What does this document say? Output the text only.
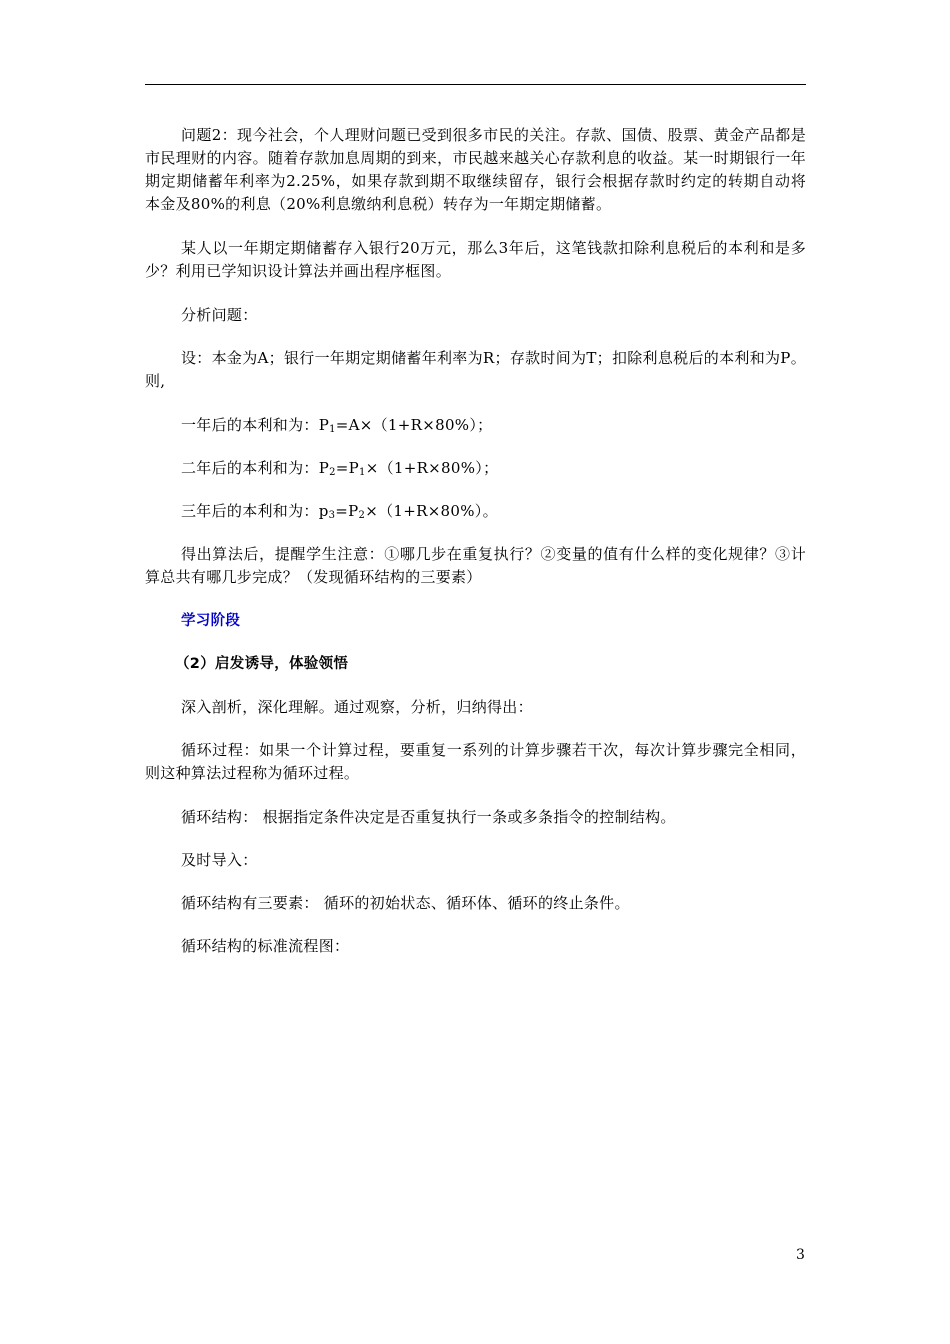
问题2：现今社会，个人理财问题已受到很多市民的关注。存款、国债、股票、黄金产品都是市民理财的内容。随着存款加息周期的到来，市民越来越关心存款利息的收益。某一时期银行一年期定期储蓄年利率为2.25%，如果存款到期不取继续留存，银行会根据存款时约定的转期自动将本金及80%的利息（20%利息缴纳利息税）转存为一年期定期储蓄。

某人以一年期定期储蓄存入银行20万元，那么3年后，这笔钱款扣除利息税后的本利和是多少？利用已学知识设计算法并画出程序框图。

分析问题：

设：本金为A；银行一年期定期储蓄年利率为R；存款时间为T；扣除利息税后的本利和为P。则,

一年后的本利和为：$P_1=A\times(1+R\times 80\%)$；

二年后的本利和为：$P_2=P_1\times(1+R\times 80\%)$；

三年后的本利和为：$p_3=P_2\times(1+R\times 80\%)$。

得出算法后，提醒学生注意：①哪几步在重复执行？②变量的值有什么样的变化规律？③计算总共有哪几步完成？（发现循环结构的三要素）

学习阶段

（2）启发诱导，体验领悟

深入剖析，深化理解。通过观察，分析，归纳得出：

循环过程：如果一个计算过程，要重复一系列的计算步骤若干次，每次计算步骤完全相同，则这种算法过程称为循环过程。

循环结构： 根据指定条件决定是否重复执行一条或多条指令的控制结构。

及时导入：

循环结构有三要素： 循环的初始状态、循环体、循环的终止条件。

循环结构的标准流程图：

3
